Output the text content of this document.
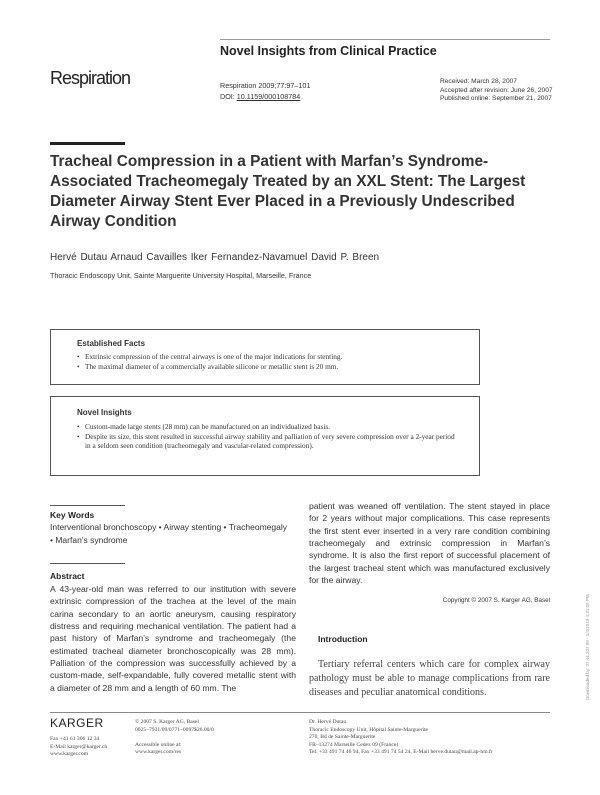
Novel Insights from Clinical Practice
Respiration	Respiration 2009;77:97–101
DOI: 10.1159/000108784
Received: March 28, 2007
Accepted after revision: June 26, 2007
Published online: September 21, 2007
Tracheal Compression in a Patient with Marfan’s Syndrome-Associated Tracheomegaly Treated by an XXL Stent: The Largest Diameter Airway Stent Ever Placed in a Previously Undescribed Airway Condition
Hervé Dutau Arnaud Cavailles Iker Fernandez-Navamuel David P. Breen
Thoracic Endoscopy Unit, Sainte Marguerite University Hospital, Marseille, France
Established Facts
• Extrinsic compression of the central airways is one of the major indications for stenting.
• The maximal diameter of a commercially available silicone or metallic stent is 20 mm.
Novel Insights
• Custom-made large stents (28 mm) can be manufactured on an individualized basis.
• Despite its size, this stent resulted in successful airway stability and palliation of very severe compression over a 2-year period in a seldom seen condition (tracheomegaly and vascular-related compression).
Key Words
Interventional bronchoscopy • Airway stenting • Tracheomegaly • Marfan’s syndrome
Abstract

A 43-year-old man was referred to our institution with severe extrinsic compression of the trachea at the level of the main carina secondary to an aortic aneurysm, causing respiratory distress and requiring mechanical ventilation. The patient had a past history of Marfan’s syndrome and tracheomegaly (the estimated tracheal diameter bronchoscopically was 28 mm). Palliation of the compression was successfully achieved by a custom-made, self-expandable, fully covered metallic stent with a diameter of 28 mm and a length of 60 mm. The

patient was weaned off ventilation. The stent stayed in place for 2 years without major complications. This case represents the first stent ever inserted in a very rare condition combining tracheomegaly and extrinsic compression in Marfan’s syndrome. It is also the first report of successful placement of the largest tracheal stent which was manufactured exclusively for the airway.

Copyright © 2007 S. Karger AG, Basel
Introduction

Tertiary referral centers which care for complex airway pathology must be able to manage complications from rare diseases and peculiar anatomical conditions.

KARGER
Fax +41 61 306 12 34
E-Mail karger@karger.ch
www.karger.com
© 2007 S. Karger AG, Basel
0025–7931/09/0771–0097$26.00/0
Accessible online at:
www.karger.com/res
Dr. Hervé Dutau
Thoracic Endoscopy Unit, Hôpital Sainte-Marguerite
270, Bd de Sainte-Marguerite
FR–13274 Marseille Cedex 09 (France)
Tel. +33 491 74 46 94, Fax +33 491 74 54 24, E-Mail herve.dutau@mail.ap-hm.fr
Downloaded by: 37.44.207.99 - 1/4/2019 4:31:05 PM
